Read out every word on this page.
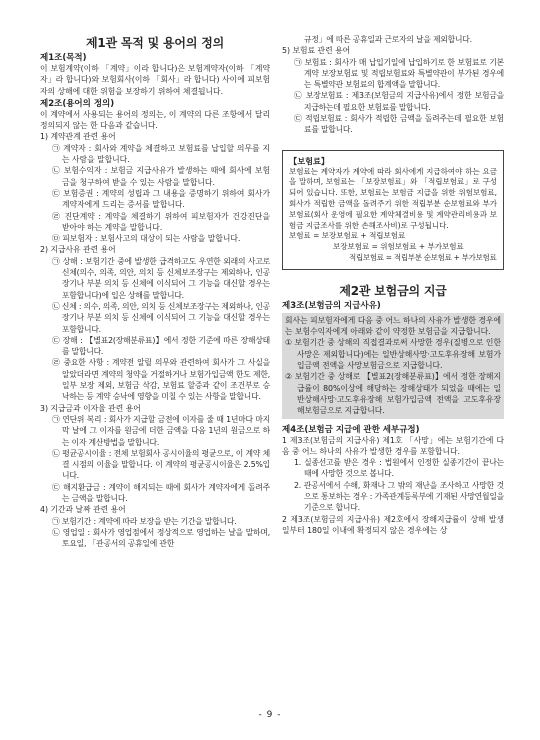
제1관 목적 및 용어의 정의

제1조(목적)

이 보험계약(이하 「계약」이라 합니다)은 보험계약자(이하 「계약자」라 합니다)와 보험회사(이하 「회사」라 합니다) 사이에 피보험자의 상해에 대한 위험을 보장하기 위하여 체결됩니다.

제2조(용어의 정의)

이 계약에서 사용되는 용어의 정의는, 이 계약의 다른 조항에서 달리 정의되지 않는 한 다음과 같습니다.

1) 계약관계 관련 용어

㉠ 계약자 : 회사와 계약을 체결하고 보험료를 납입할 의무를 지는 사람을 말합니다.

㉡ 보험수익자 : 보험금 지급사유가 발생하는 때에 회사에 보험금을 청구하여 받을 수 있는 사람을 말합니다.

㉢ 보험증권 : 계약의 성립과 그 내용을 증명하기 위하여 회사가 계약자에게 드리는 증서를 말합니다.

㉣ 진단계약 : 계약을 체결하기 위하여 피보험자가 건강진단을 받아야 하는 계약을 말합니다.

㉤ 피보험자 : 보험사고의 대상이 되는 사람을 말합니다.

2) 지급사유 관련 용어

㉠ 상해 : 보험기간 중에 발생한 급격하고도 우연한 외래의 사고로 신체(의수, 의족, 의안, 의치 등 신체보조장구는 제외하나, 인공장기나 부분 의치 등 신체에 이식되어 그 기능을 대신할 경우는 포함합니다)에 입은 상해를 말합니다.

㉡ 신체 : 의수, 의족, 의안, 의치 등 신체보조장구는 제외하나, 인공장기나 부분 의치 등 신체에 이식되어 그 기능을 대신할 경우는 포함합니다.

㉢ 장해 : 【별표2(장해분류표)】에서 정한 기준에 따른 장해상태를 말합니다.

㉣ 중요한 사항 : 계약전 알릴 의무와 관련하여 회사가 그 사실을 알았더라면 계약의 청약을 거절하거나 보험가입금액 한도 제한, 일부 보장 제외, 보험금 삭감, 보험료 할증과 같이 조건부로 승낙하는 등 계약 승낙에 영향을 미칠 수 있는 사항을 말합니다.

3) 지급금과 이자율 관련 용어

㉠ 연단위 복리 : 회사가 지급할 금전에 이자를 줄 때 1년마다 마지막 날에 그 이자를 원금에 더한 금액을 다음 1년의 원금으로 하는 이자 계산방법을 말합니다.

㉡ 평균공시이율 : 전체 보험회사 공시이율의 평균으로, 이 계약 체결 시점의 이율을 말합니다. 이 계약의 평균공시이율은 2.5%입니다.

㉢ 해지환급금 : 계약이 해지되는 때에 회사가 계약자에게 돌려주는 금액을 말합니다.

4) 기간과 날짜 관련 용어

㉠ 보험기간 : 계약에 따라 보장을 받는 기간을 말합니다.

㉡ 영업일 : 회사가 영업점에서 정상적으로 영업하는 날을 말하며, 토요일, 「관공서의 공휴일에 관한

규정」에 따른 공휴일과 근로자의 날을 제외합니다.

5) 보험료 관련 용어

㉠ 보험료 : 회사가 매 납입기일에 납입하기로 한 보험료로 기본계약 보장보험료 및 적립보험료와 특별약관이 부가된 경우에는 특별약관 보험료의 합계액을 말합니다.

㉡ 보장보험료 : 제3조(보험금의 지급사유)에서 정한 보험금을 지급하는데 필요한 보험료를 말합니다.

㉢ 적립보험료 : 회사가 적립한 금액을 돌려주는데 필요한 보험료를 말합니다.

【보험료】

보험료는 계약자가 계약에 따라 회사에게 지급하여야 하는 요금을 말하며, 보험료는 「보장보험료」와 「적립보험료」로 구성되어 있습니다. 또한, 보험료는 보험금 지급을 위한 위험보험료, 회사가 적립한 금액을 돌려주기 위한 적립부분 순보험료와 부가보험료(회사 운영에 필요한 계약체결비용 및 계약관리비용과 보험금 지급조사를 위한 손해조사비)로 구성됩니다.

보험료 = 보장보험료 + 적립보험료

보장보험료 = 위험보험료 + 부가보험료

적립보험료 = 적립부분 순보험료 + 부가보험료

제2관 보험금의 지급

제3조(보험금의 지급사유)

회사는 피보험자에게 다음 중 어느 하나의 사유가 발생한 경우에는 보험수익자에게 아래와 같이 약정한 보험금을 지급합니다.

① 보험기간 중 상해의 직접결과로써 사망한 경우(질병으로 인한 사망은 제외합니다)에는 일반상해사망·고도후유장해 보험가입금액 전액을 사망보험금으로 지급합니다.

② 보험기간 중 상해로 【별표2(장해분류표)】에서 정한 장해지급률이 80%이상에 해당하는 장해상태가 되었을 때에는 일반상해사망·고도후유장해 보험가입금액 전액을 고도후유장해보험금으로 지급합니다.

제4조(보험금 지급에 관한 세부규정)

1 제3조(보험금의 지급사유) 제1호 「사망」에는 보험기간에 다음 중 어느 하나의 사유가 발생한 경우를 포함합니다.

1. 실종선고를 받은 경우 : 법원에서 인정한 실종기간이 끝나는 때에 사망한 것으로 봅니다.

2. 관공서에서 수해, 화재나 그 밖의 재난을 조사하고 사망한 것으로 통보하는 경우 : 가족관계등록부에 기재된 사망연월일을 기준으로 합니다.

2 제3조(보험금의 지급사유) 제2호에서 장해지급률이 상해 발생일부터 180일 이내에 확정되지 않은 경우에는 상

- 9 -
